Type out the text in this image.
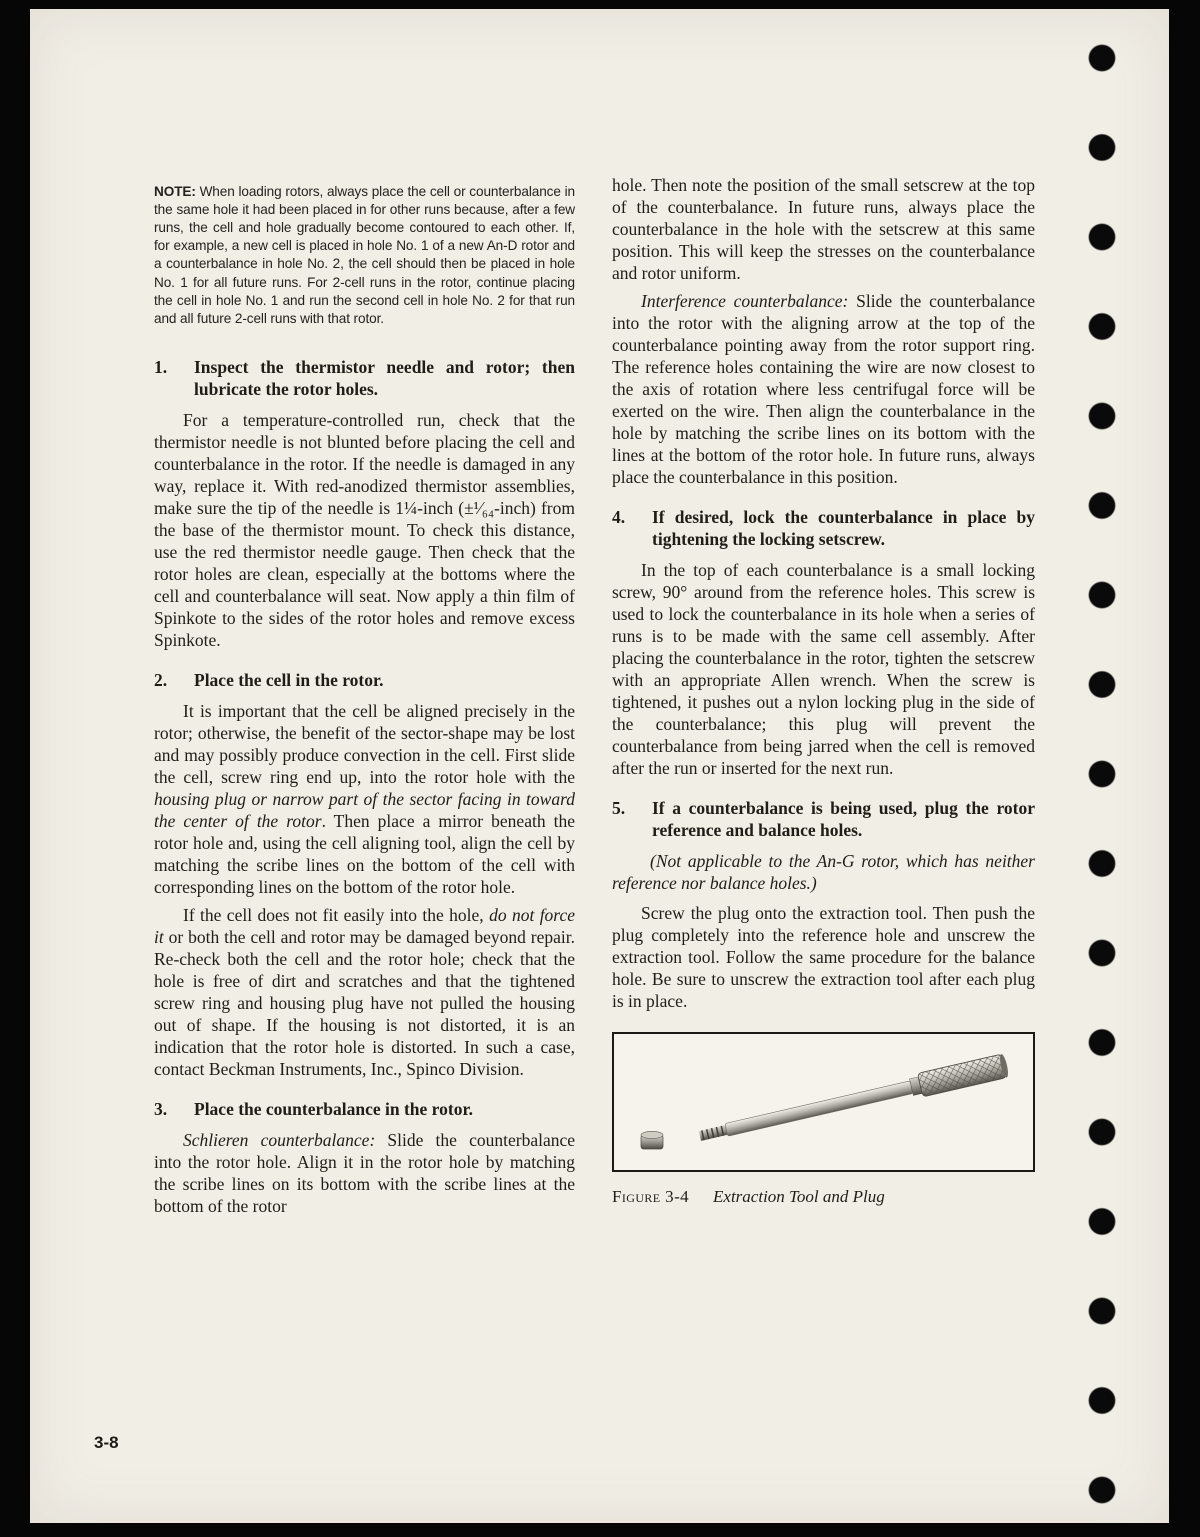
NOTE: When loading rotors, always place the cell or counterbalance in the same hole it had been placed in for other runs because, after a few runs, the cell and hole gradually become contoured to each other. If, for example, a new cell is placed in hole No. 1 of a new An-D rotor and a counterbalance in hole No. 2, the cell should then be placed in hole No. 1 for all future runs. For 2-cell runs in the rotor, continue placing the cell in hole No. 1 and run the second cell in hole No. 2 for that run and all future 2-cell runs with that rotor.

1.	Inspect the thermistor needle and rotor; then lubricate the rotor holes.

For a temperature-controlled run, check that the thermistor needle is not blunted before placing the cell and counterbalance in the rotor. If the needle is damaged in any way, replace it. With red-anodized thermistor assemblies, make sure the tip of the needle is 1¼-inch (±¹⁄₆₄-inch) from the base of the thermistor mount. To check this distance, use the red thermistor needle gauge. Then check that the rotor holes are clean, especially at the bottoms where the cell and counterbalance will seat. Now apply a thin film of Spinkote to the sides of the rotor holes and remove excess Spinkote.

2.	Place the cell in the rotor.

It is important that the cell be aligned precisely in the rotor; otherwise, the benefit of the sector-shape may be lost and may possibly produce convection in the cell. First slide the cell, screw ring end up, into the rotor hole with the housing plug or narrow part of the sector facing in toward the center of the rotor. Then place a mirror beneath the rotor hole and, using the cell aligning tool, align the cell by matching the scribe lines on the bottom of the cell with corresponding lines on the bottom of the rotor hole.

If the cell does not fit easily into the hole, do not force it or both the cell and rotor may be damaged beyond repair. Re-check both the cell and the rotor hole; check that the hole is free of dirt and scratches and that the tightened screw ring and housing plug have not pulled the housing out of shape. If the housing is not distorted, it is an indication that the rotor hole is distorted. In such a case, contact Beckman Instruments, Inc., Spinco Division.

3.	Place the counterbalance in the rotor.

Schlieren counterbalance: Slide the counterbalance into the rotor hole. Align it in the rotor hole by matching the scribe lines on its bottom with the scribe lines at the bottom of the rotor

hole. Then note the position of the small setscrew at the top of the counterbalance. In future runs, always place the counterbalance in the hole with the setscrew at this same position. This will keep the stresses on the counterbalance and rotor uniform.

Interference counterbalance: Slide the counterbalance into the rotor with the aligning arrow at the top of the counterbalance pointing away from the rotor support ring. The reference holes containing the wire are now closest to the axis of rotation where less centrifugal force will be exerted on the wire. Then align the counterbalance in the hole by matching the scribe lines on its bottom with the lines at the bottom of the rotor hole. In future runs, always place the counterbalance in this position.

4.	If desired, lock the counterbalance in place by tightening the locking setscrew.

In the top of each counterbalance is a small locking screw, 90° around from the reference holes. This screw is used to lock the counterbalance in its hole when a series of runs is to be made with the same cell assembly. After placing the counterbalance in the rotor, tighten the setscrew with an appropriate Allen wrench. When the screw is tightened, it pushes out a nylon locking plug in the side of the counterbalance; this plug will prevent the counterbalance from being jarred when the cell is removed after the run or inserted for the next run.

5.	If a counterbalance is being used, plug the rotor reference and balance holes.

(Not applicable to the An-G rotor, which has neither reference nor balance holes.)

Screw the plug onto the extraction tool. Then push the plug completely into the reference hole and unscrew the extraction tool. Follow the same procedure for the balance hole. Be sure to unscrew the extraction tool after each plug is in place.

Figure 3-4 Extraction Tool and Plug
3-8
